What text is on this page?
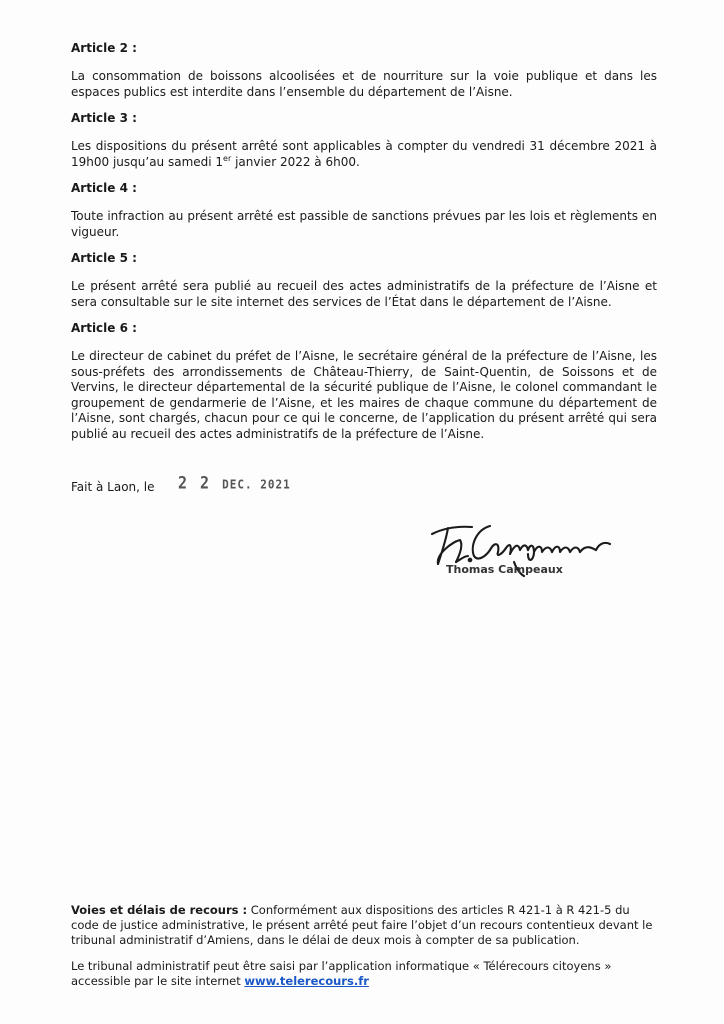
Article 2 :

La consommation de boissons alcoolisées et de nourriture sur la voie publique et dans les espaces publics est interdite dans l’ensemble du département de l’Aisne.

Article 3 :

Les dispositions du présent arrêté sont applicables à compter du vendredi 31 décembre 2021 à 19h00 jusqu’au samedi 1er janvier 2022 à 6h00.

Article 4 :

Toute infraction au présent arrêté est passible de sanctions prévues par les lois et règlements en vigueur.

Article 5 :

Le présent arrêté sera publié au recueil des actes administratifs de la préfecture de l’Aisne et sera consultable sur le site internet des services de l’État dans le département de l’Aisne.

Article 6 :

Le directeur de cabinet du préfet de l’Aisne, le secrétaire général de la préfecture de l’Aisne, les sous-préfets des arrondissements de Château-Thierry, de Saint-Quentin, de Soissons et de Vervins, le directeur départemental de la sécurité publique de l’Aisne, le colonel commandant le groupement de gendarmerie de l’Aisne, et les maires de chaque commune du département de l’Aisne, sont chargés, chacun pour ce qui le concerne, de l’application du présent arrêté qui sera publié au recueil des actes administratifs de la préfecture de l’Aisne.

Fait à Laon, le 2 2 DEC. 2021
Thomas Campeaux

Voies et délais de recours : Conformément aux dispositions des articles R 421-1 à R 421-5 du code de justice administrative, le présent arrêté peut faire l’objet d’un recours contentieux devant le tribunal administratif d’Amiens, dans le délai de deux mois à compter de sa publication.

Le tribunal administratif peut être saisi par l’application informatique « Télérecours citoyens » accessible par le site internet www.telerecours.fr
